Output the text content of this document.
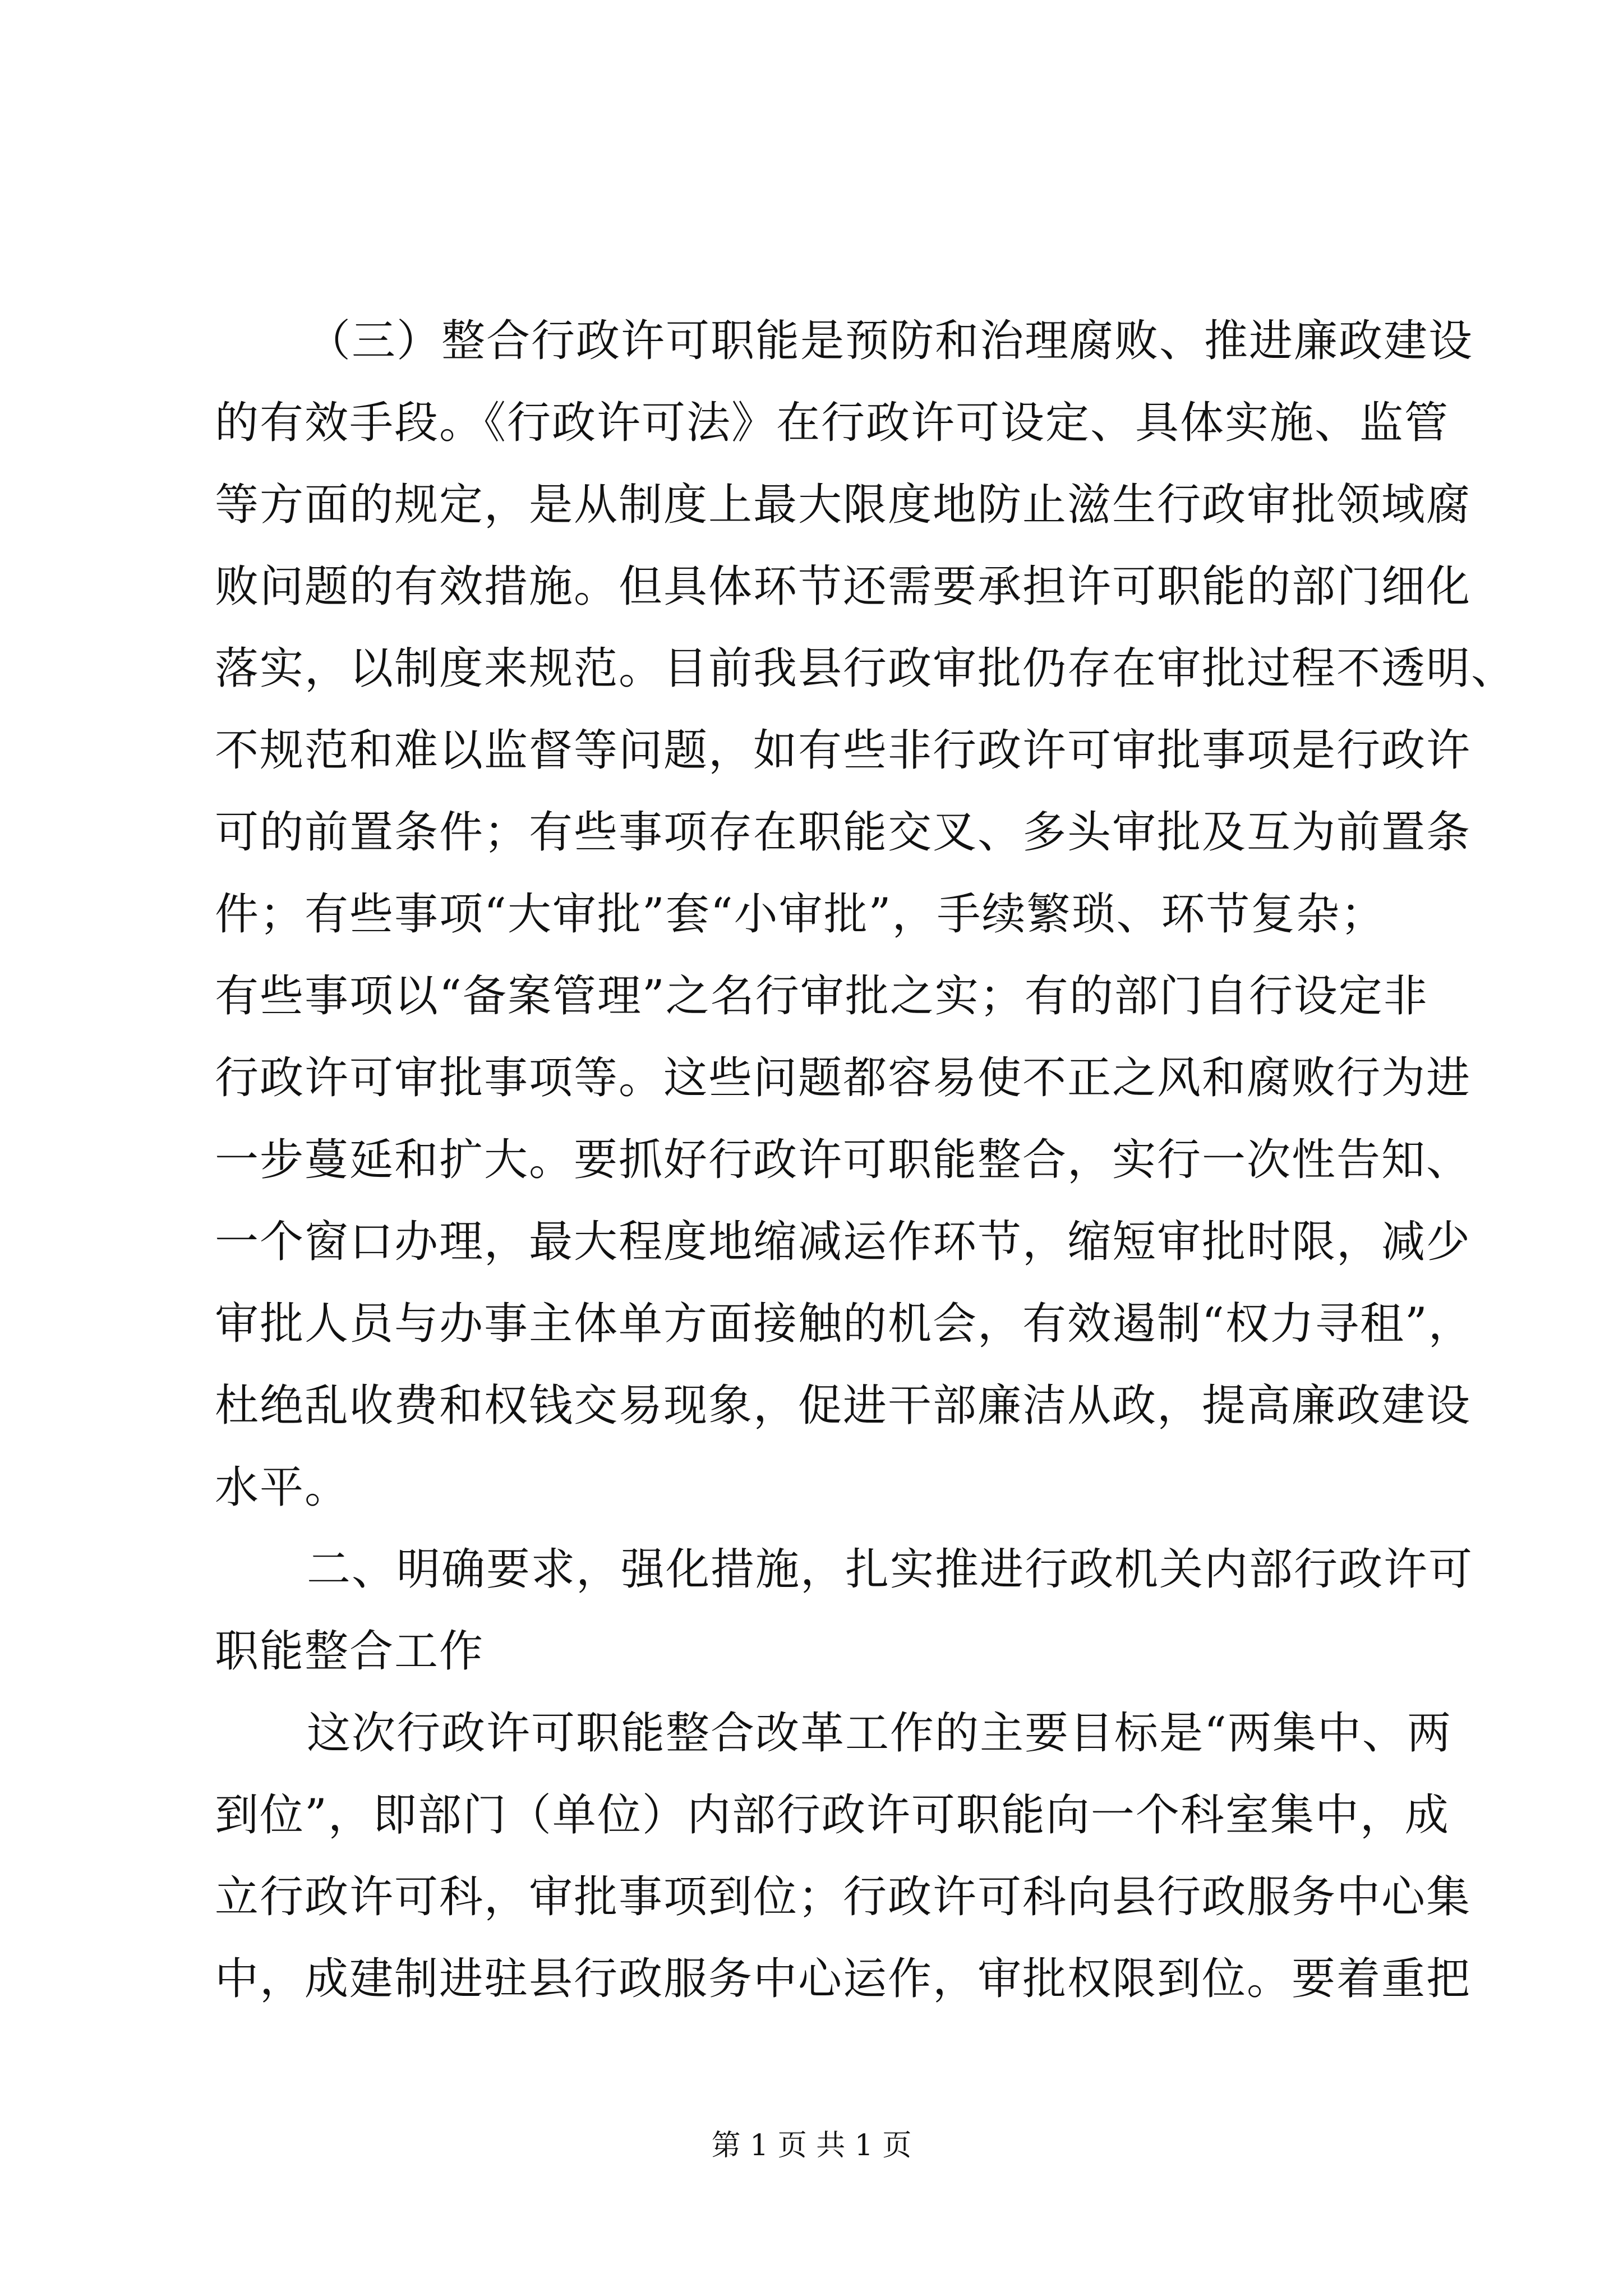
（三）整合行政许可职能是预防和治理腐败、推进廉政建设
的有效手段。《行政许可法》在行政许可设定、具体实施、监管
等方面的规定，是从制度上最大限度地防止滋生行政审批领域腐
败问题的有效措施。但具体环节还需要承担许可职能的部门细化
落实，以制度来规范。目前我县行政审批仍存在审批过程不透明、
不规范和难以监督等问题，如有些非行政许可审批事项是行政许
可的前置条件；有些事项存在职能交叉、多头审批及互为前置条
件；有些事项“大审批”套“小审批”，手续繁琐、环节复杂；
有些事项以“备案管理”之名行审批之实；有的部门自行设定非
行政许可审批事项等。这些问题都容易使不正之风和腐败行为进
一步蔓延和扩大。要抓好行政许可职能整合，实行一次性告知、
一个窗口办理，最大程度地缩减运作环节，缩短审批时限，减少
审批人员与办事主体单方面接触的机会，有效遏制“权力寻租”，
杜绝乱收费和权钱交易现象，促进干部廉洁从政，提高廉政建设
水平。
二、明确要求，强化措施，扎实推进行政机关内部行政许可
职能整合工作
这次行政许可职能整合改革工作的主要目标是“两集中、两
到位”，即部门（单位）内部行政许可职能向一个科室集中，成
立行政许可科，审批事项到位；行政许可科向县行政服务中心集
中，成建制进驻县行政服务中心运作，审批权限到位。要着重把
第 1 页 共 1 页
